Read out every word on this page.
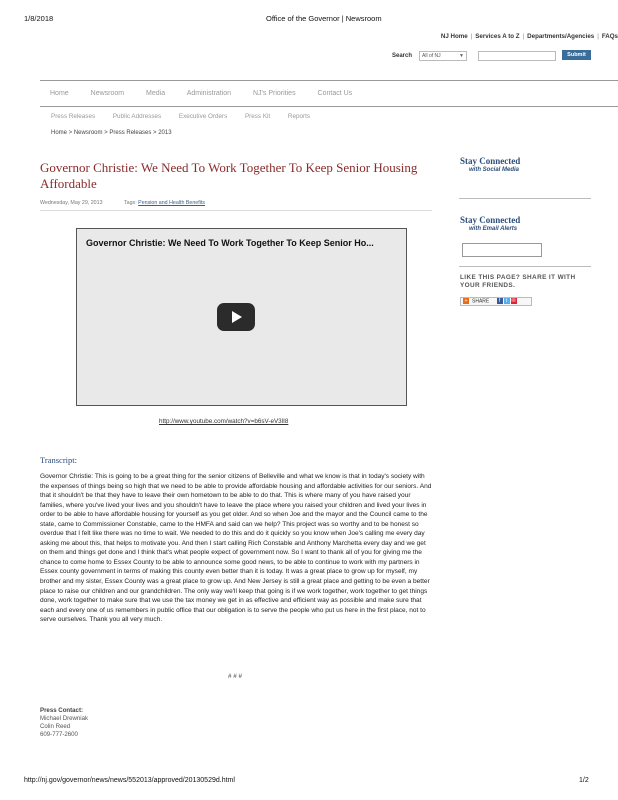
1/8/2018	Office of the Governor | Newsroom
NJ Home | Services A to Z | Departments/Agencies | FAQs
Search	All of NJ	▼	Submit
Home	Newsroom	Media	Administration	NJ's Priorities	Contact Us
Press Releases	Public Addresses	Executive Orders	Press Kit	Reports
Home > Newsroom > Press Releases > 2013
Governor Christie: We Need To Work Together To Keep Senior Housing Affordable
Wednesday, May 29, 2013	Tags: Pension and Health Benefits
Governor Christie: We Need To Work Together To Keep Senior Ho...
http://www.youtube.com/watch?v=b6sV-eV3lI8
Transcript:
Governor Christie: This is going to be a great thing for the senior citizens of Belleville and what we know is that in today's society with the expenses of things being so high that we need to be able to provide affordable housing and affordable activities for our seniors. And that it shouldn't be that they have to leave their own hometown to be able to do that. This is where many of you have raised your families, where you've lived your lives and you shouldn't have to leave the place where you raised your children and lived your lives in order to be able to have affordable housing for yourself as you get older. And so when Joe and the mayor and the Council came to the state, came to Commissioner Constable, came to the HMFA and said can we help? This project was so worthy and to be honest so overdue that I felt like there was no time to wait. We needed to do this and do it quickly so you know when Joe's calling me every day asking me about this, that helps to motivate you. And then I start calling Rich Constable and Anthony Marchetta every day and we get on them and things get done and I think that's what people expect of government now. So I want to thank all of you for giving me the chance to come home to Essex County to be able to announce some good news, to be able to continue to work with my partners in Essex county government in terms of making this county even better than it is today. It was a great place to grow up for myself, my brother and my sister, Essex County was a great place to grow up. And New Jersey is still a great place and getting to be even a better place to raise our children and our grandchildren. The only way we'll keep that going is if we work together, work together to get things done, work together to make sure that we use the tax money we get in as effective and efficient way as possible and make sure that each and every one of us remembers in public office that our obligation is to serve the people who put us here in the first place, not to serve ourselves. Thank you all very much.
# # #
Press Contact:
Michael Drewniak
Colin Reed
609-777-2600
Stay Connected
with Social Media
Stay Connected
with Email Alerts
LIKE THIS PAGE? SHARE IT WITH YOUR FRIENDS.
+ SHARE f t ✉
http://nj.gov/governor/news/news/552013/approved/20130529d.html	1/2
